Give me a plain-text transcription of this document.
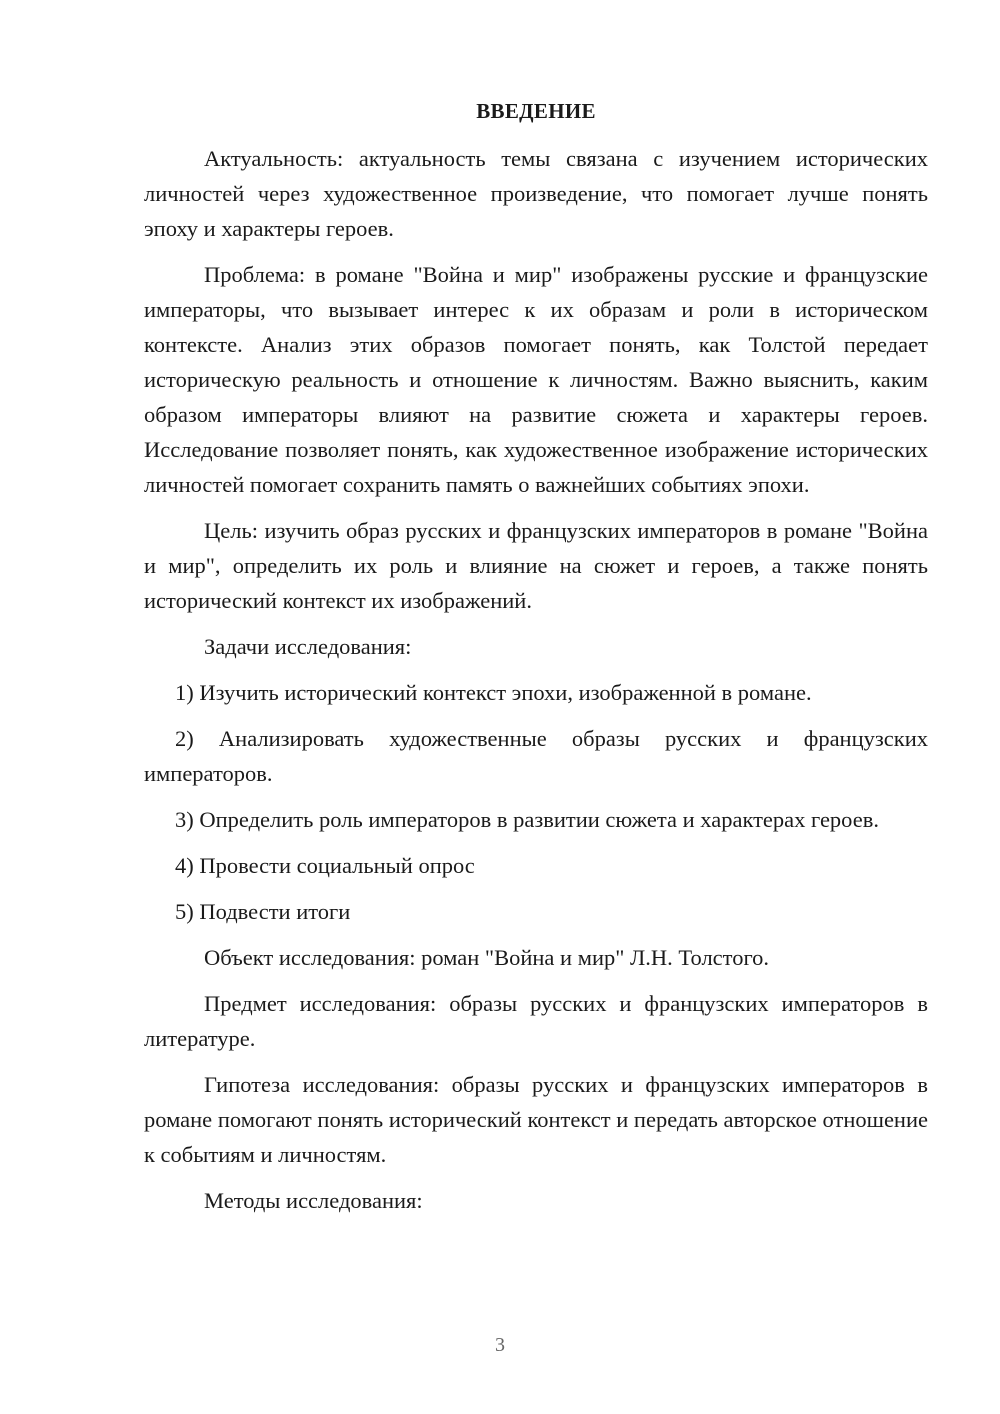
ВВЕДЕНИЕ

Актуальность: актуальность темы связана с изучением исторических личностей через художественное произведение, что помогает лучше понять эпоху и характеры героев.

Проблема: в романе "Война и мир" изображены русские и французские императоры, что вызывает интерес к их образам и роли в историческом контексте. Анализ этих образов помогает понять, как Толстой передает историческую реальность и отношение к личностям. Важно выяснить, каким образом императоры влияют на развитие сюжета и характеры героев. Исследование позволяет понять, как художественное изображение исторических личностей помогает сохранить память о важнейших событиях эпохи.

Цель: изучить образ русских и французских императоров в романе "Война и мир", определить их роль и влияние на сюжет и героев, а также понять исторический контекст их изображений.

Задачи исследования:

1) Изучить исторический контекст эпохи, изображенной в романе.

2) Анализировать художественные образы русских и французских императоров.

3) Определить роль императоров в развитии сюжета и характерах героев.

4) Провести социальный опрос

5) Подвести итоги

Объект исследования: роман "Война и мир" Л.Н. Толстого.

Предмет исследования: образы русских и французских императоров в литературе.

Гипотеза исследования: образы русских и французских императоров в романе помогают понять исторический контекст и передать авторское отношение к событиям и личностям.

Методы исследования:

3
